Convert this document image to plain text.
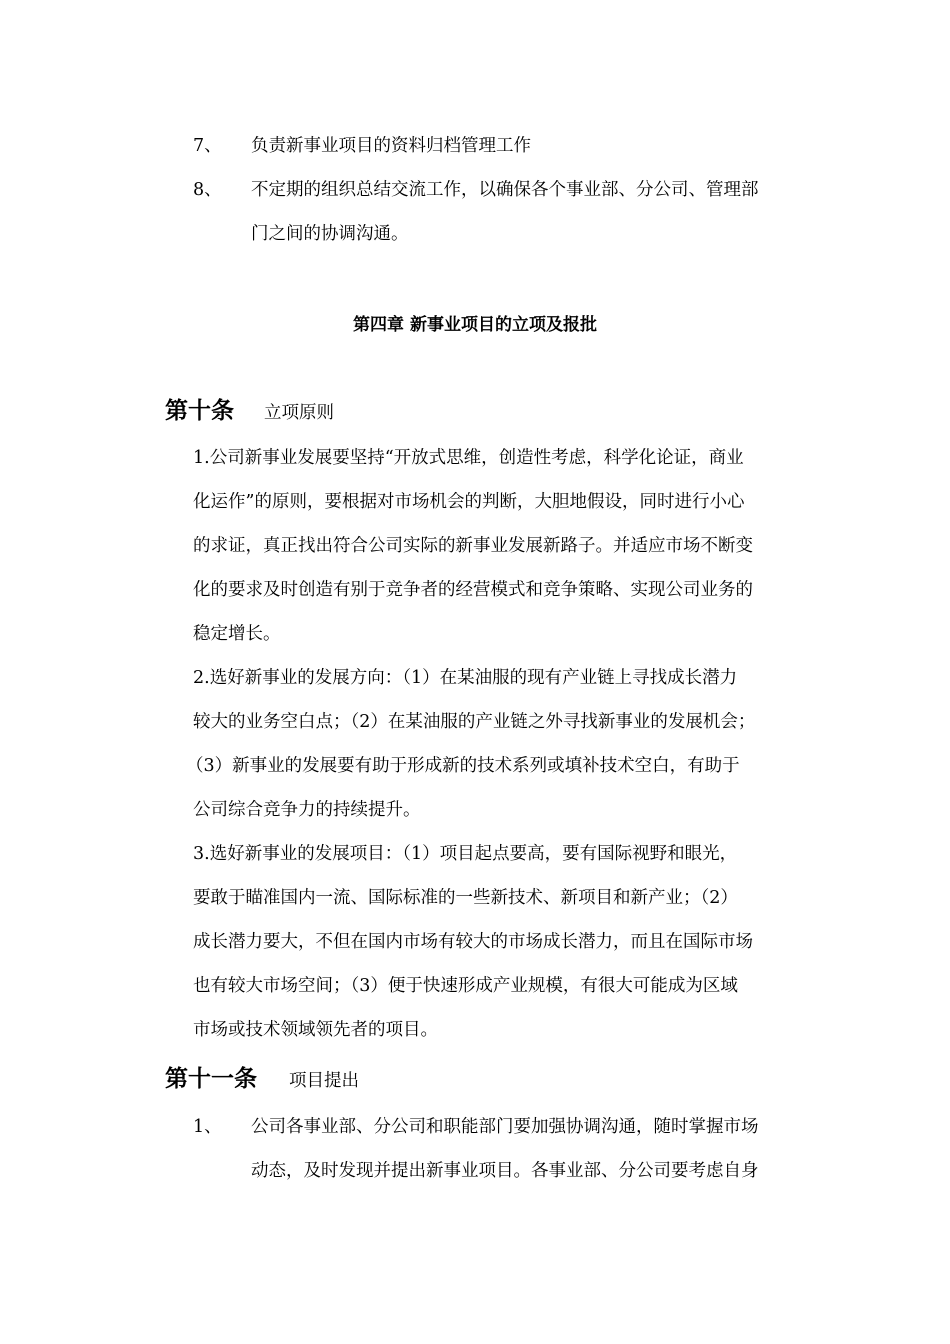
7、 负责新事业项目的资料归档管理工作
8、 不定期的组织总结交流工作，以确保各个事业部、分公司、管理部
门之间的协调沟通。
第四章 新事业项目的立项及报批
第十条 立项原则
1.公司新事业发展要坚持“开放式思维，创造性考虑，科学化论证，商业
化运作”的原则，要根据对市场机会的判断，大胆地假设，同时进行小心
的求证，真正找出符合公司实际的新事业发展新路子。并适应市场不断变
化的要求及时创造有别于竞争者的经营模式和竞争策略、实现公司业务的
稳定增长。
2.选好新事业的发展方向：（1）在某油服的现有产业链上寻找成长潜力
较大的业务空白点；（2）在某油服的产业链之外寻找新事业的发展机会；
（3）新事业的发展要有助于形成新的技术系列或填补技术空白，有助于
公司综合竞争力的持续提升。
3.选好新事业的发展项目：（1）项目起点要高，要有国际视野和眼光，
要敢于瞄准国内一流、国际标准的一些新技术、新项目和新产业；（2）
成长潜力要大，不但在国内市场有较大的市场成长潜力，而且在国际市场
也有较大市场空间；（3）便于快速形成产业规模，有很大可能成为区域
市场或技术领域领先者的项目。
第十一条 项目提出
1、 公司各事业部、分公司和职能部门要加强协调沟通，随时掌握市场
动态，及时发现并提出新事业项目。各事业部、分公司要考虑自身
